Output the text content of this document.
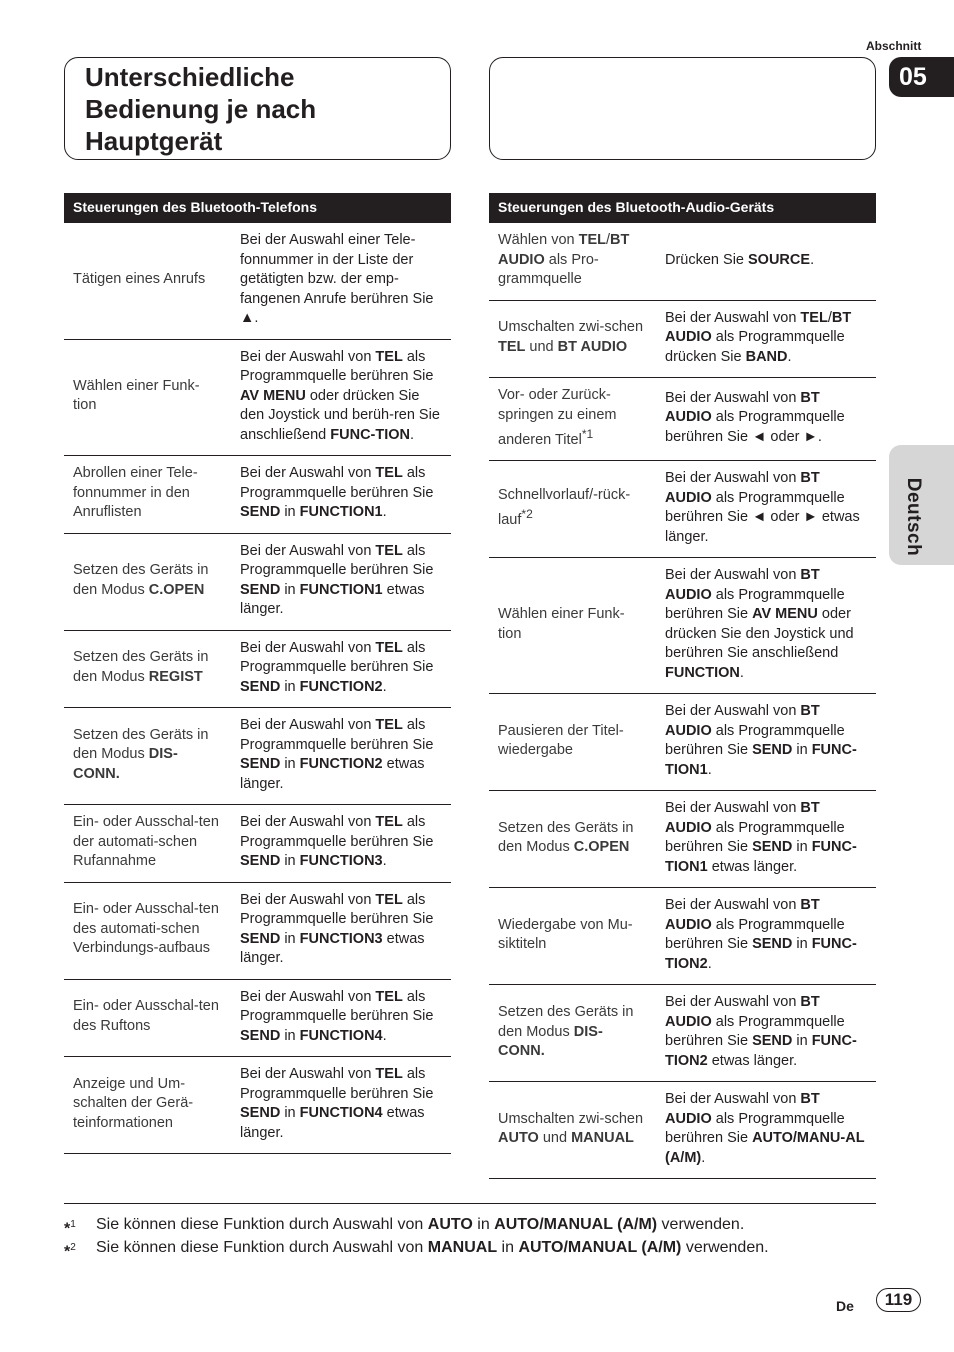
Abschnitt
05
Unterschiedliche
Bedienung je nach
Hauptgerät
Deutsch
Steuerungen des Bluetooth-Telefons	
Tätigen eines Anrufs	Bei der Auswahl einer Tele-fonnummer in der Liste der getätigten bzw. der emp-fangenen Anrufe berühren Sie ▲.
Wählen einer Funk-tion	Bei der Auswahl von TEL als Programmquelle berühren Sie AV MENU oder drücken Sie den Joystick und berüh-ren Sie anschließend FUNC-TION.
Abrollen einer Tele-fonnummer in den Anruflisten	Bei der Auswahl von TEL als Programmquelle berühren Sie SEND in FUNCTION1.
Setzen des Geräts in den Modus C.OPEN	Bei der Auswahl von TEL als Programmquelle berühren Sie SEND in FUNCTION1 etwas länger.
Setzen des Geräts in den Modus REGIST	Bei der Auswahl von TEL als Programmquelle berühren Sie SEND in FUNCTION2.
Setzen des Geräts in den Modus DIS-CONN.	Bei der Auswahl von TEL als Programmquelle berühren Sie SEND in FUNCTION2 etwas länger.
Ein- oder Ausschal-ten der automati-schen Rufannahme	Bei der Auswahl von TEL als Programmquelle berühren Sie SEND in FUNCTION3.
Ein- oder Ausschal-ten des automati-schen Verbindungs-aufbaus	Bei der Auswahl von TEL als Programmquelle berühren Sie SEND in FUNCTION3 etwas länger.
Ein- oder Ausschal-ten des Ruftons	Bei der Auswahl von TEL als Programmquelle berühren Sie SEND in FUNCTION4.
Anzeige und Um-schalten der Gerä-teinformationen	Bei der Auswahl von TEL als Programmquelle berühren Sie SEND in FUNCTION4 etwas länger.
Steuerungen des Bluetooth-Audio-Geräts	
Wählen von TEL/BT AUDIO als Pro-grammquelle	Drücken Sie SOURCE.
Umschalten zwi-schen TEL und BT AUDIO	Bei der Auswahl von TEL/BT AUDIO als Programmquelle drücken Sie BAND.
Vor- oder Zurück-springen zu einem anderen Titel$^{*1}$	Bei der Auswahl von BT AUDIO als Programmquelle berühren Sie ◄ oder ►.
Schnellvorlauf/-rück-lauf$^{*2}$	Bei der Auswahl von BT AUDIO als Programmquelle berühren Sie ◄ oder ► etwas länger.
Wählen einer Funk-tion	Bei der Auswahl von BT AUDIO als Programmquelle berühren Sie AV MENU oder drücken Sie den Joystick und berühren Sie anschließend FUNCTION.
Pausieren der Titel-wiedergabe	Bei der Auswahl von BT AUDIO als Programmquelle berühren Sie SEND in FUNC-TION1.
Setzen des Geräts in den Modus C.OPEN	Bei der Auswahl von BT AUDIO als Programmquelle berühren Sie SEND in FUNC-TION1 etwas länger.
Wiedergabe von Mu-siktiteln	Bei der Auswahl von BT AUDIO als Programmquelle berühren Sie SEND in FUNC-TION2.
Setzen des Geräts in den Modus DIS-CONN.	Bei der Auswahl von BT AUDIO als Programmquelle berühren Sie SEND in FUNC-TION2 etwas länger.
Umschalten zwi-schen AUTO und MANUAL	Bei der Auswahl von BT AUDIO als Programmquelle berühren Sie AUTO/MANU-AL (A/M).
*$^1$ Sie können diese Funktion durch Auswahl von AUTO in AUTO/MANUAL (A/M) verwenden.
*$^2$ Sie können diese Funktion durch Auswahl von MANUAL in AUTO/MANUAL (A/M) verwenden.
De	119
